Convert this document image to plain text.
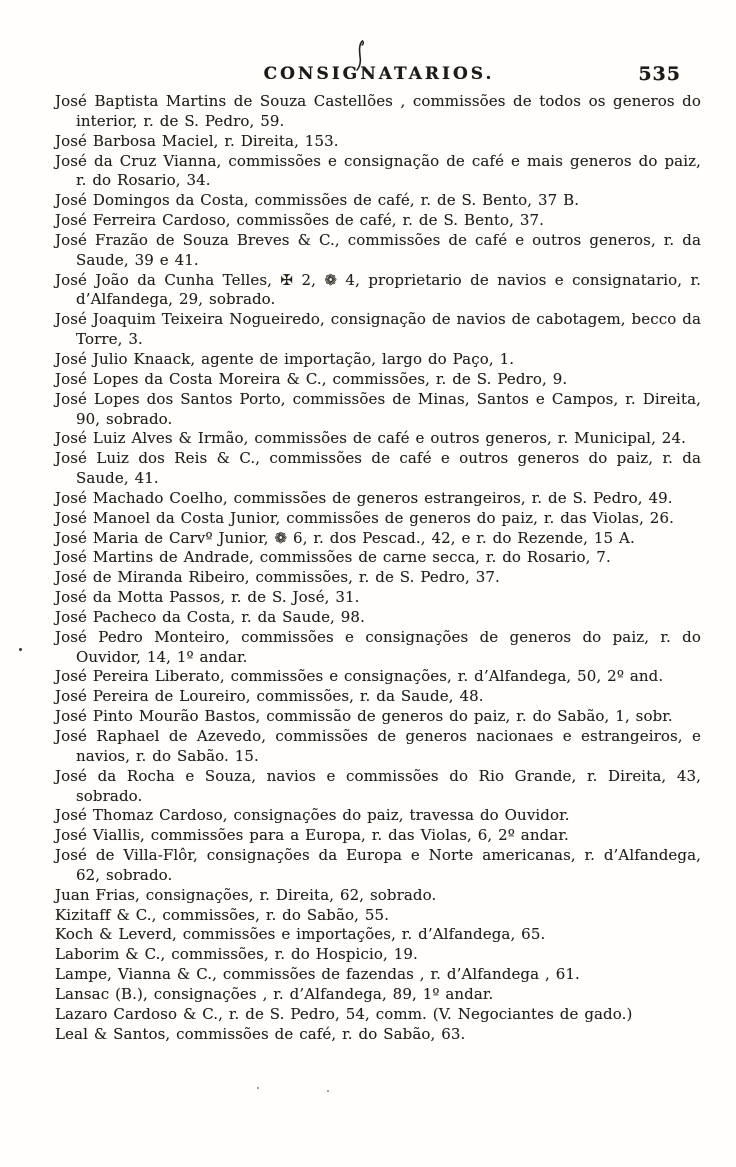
CONSIGNATARIOS.	535

José Baptista Martins de Souza Castellões , commissões de todos os generos do interior, r. de S. Pedro, 59.

José Barbosa Maciel, r. Direita, 153.

José da Cruz Vianna, commissões e consignação de café e mais generos do paiz, r. do Rosario, 34.

José Domingos da Costa, commissões de café, r. de S. Bento, 37 B.

José Ferreira Cardoso, commissões de café, r. de S. Bento, 37.

José Frazão de Souza Breves & C., commissões de café e outros generos, r. da Saude, 39 e 41.

José João da Cunha Telles, ✠ 2, ❁ 4, proprietario de navios e consignatario, r. d’Alfandega, 29, sobrado.

José Joaquim Teixeira Nogueiredo, consignação de navios de cabotagem, becco da Torre, 3.

José Julio Knaack, agente de importação, largo do Paço, 1.

José Lopes da Costa Moreira & C., commissões, r. de S. Pedro, 9.

José Lopes dos Santos Porto, commissões de Minas, Santos e Campos, r. Direita, 90, sobrado.

José Luiz Alves & Irmão, commissões de café e outros generos, r. Municipal, 24.

José Luiz dos Reis & C., commissões de café e outros generos do paiz, r. da Saude, 41.

José Machado Coelho, commissões de generos estrangeiros, r. de S. Pedro, 49.

José Manoel da Costa Junior, commissões de generos do paiz, r. das Violas, 26.

José Maria de Carvº Junior, ❁ 6, r. dos Pescad., 42, e r. do Rezende, 15 A.

José Martins de Andrade, commissões de carne secca, r. do Rosario, 7.

José de Miranda Ribeiro, commissões, r. de S. Pedro, 37.

José da Motta Passos, r. de S. José, 31.

José Pacheco da Costa, r. da Saude, 98.

José Pedro Monteiro, commissões e consignações de generos do paiz, r. do Ouvidor, 14, 1º andar.

José Pereira Liberato, commissões e consignações, r. d’Alfandega, 50, 2º and.

José Pereira de Loureiro, commissões, r. da Saude, 48.

José Pinto Mourão Bastos, commissão de generos do paiz, r. do Sabão, 1, sobr.

José Raphael de Azevedo, commissões de generos nacionaes e estrangeiros, e navios, r. do Sabão. 15.

José da Rocha e Souza, navios e commissões do Rio Grande, r. Direita, 43, sobrado.

José Thomaz Cardoso, consignações do paiz, travessa do Ouvidor.

José Viallis, commissões para a Europa, r. das Violas, 6, 2º andar.

José de Villa-Flôr, consignações da Europa e Norte americanas, r. d’Alfandega, 62, sobrado.

Juan Frias, consignações, r. Direita, 62, sobrado.

Kizitaff & C., commissões, r. do Sabão, 55.

Koch & Leverd, commissões e importações, r. d’Alfandega, 65.

Laborim & C., commissões, r. do Hospicio, 19.

Lampe, Vianna & C., commissões de fazendas , r. d’Alfandega , 61.

Lansac (B.), consignações , r. d’Alfandega, 89, 1º andar.

Lazaro Cardoso & C., r. de S. Pedro, 54, comm. (V. Negociantes de gado.)

Leal & Santos, commissões de café, r. do Sabão, 63.
